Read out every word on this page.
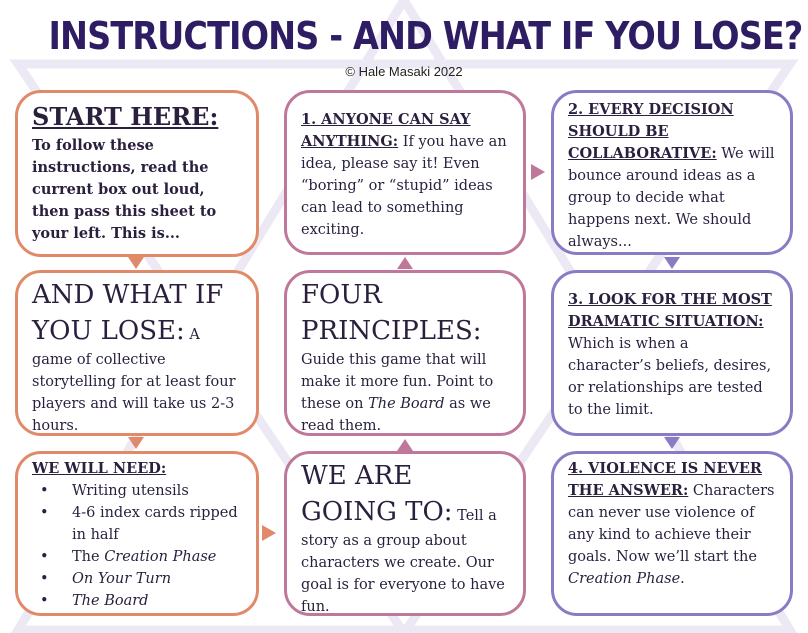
INSTRUCTIONS - AND WHAT IF YOU LOSE?
© Hale Masaki 2022
START HERE:
To follow these instructions, read the current box out loud, then pass this sheet to your left. This is...
1. ANYONE CAN SAY ANYTHING: If you have an idea, please say it! Even “boring” or “stupid” ideas can lead to something exciting.
2. EVERY DECISION SHOULD BE COLLABORATIVE: We will bounce around ideas as a group to decide what happens next. We should always...
AND WHAT IF YOU LOSE: A game of collective storytelling for at least four players and will take us 2-3 hours.
FOUR PRINCIPLES:
Guide this game that will make it more fun. Point to these on The Board as we read them.
3. LOOK FOR THE MOST DRAMATIC SITUATION: Which is when a character’s beliefs, desires, or relationships are tested to the limit.
WE WILL NEED:
• Writing utensils
• 4-6 index cards ripped in half
• The Creation Phase
• On Your Turn
• The Board
WE ARE GOING TO: Tell a story as a group about characters we create. Our goal is for everyone to have fun.
4. VIOLENCE IS NEVER THE ANSWER: Characters can never use violence of any kind to achieve their goals. Now we’ll start the Creation Phase.
